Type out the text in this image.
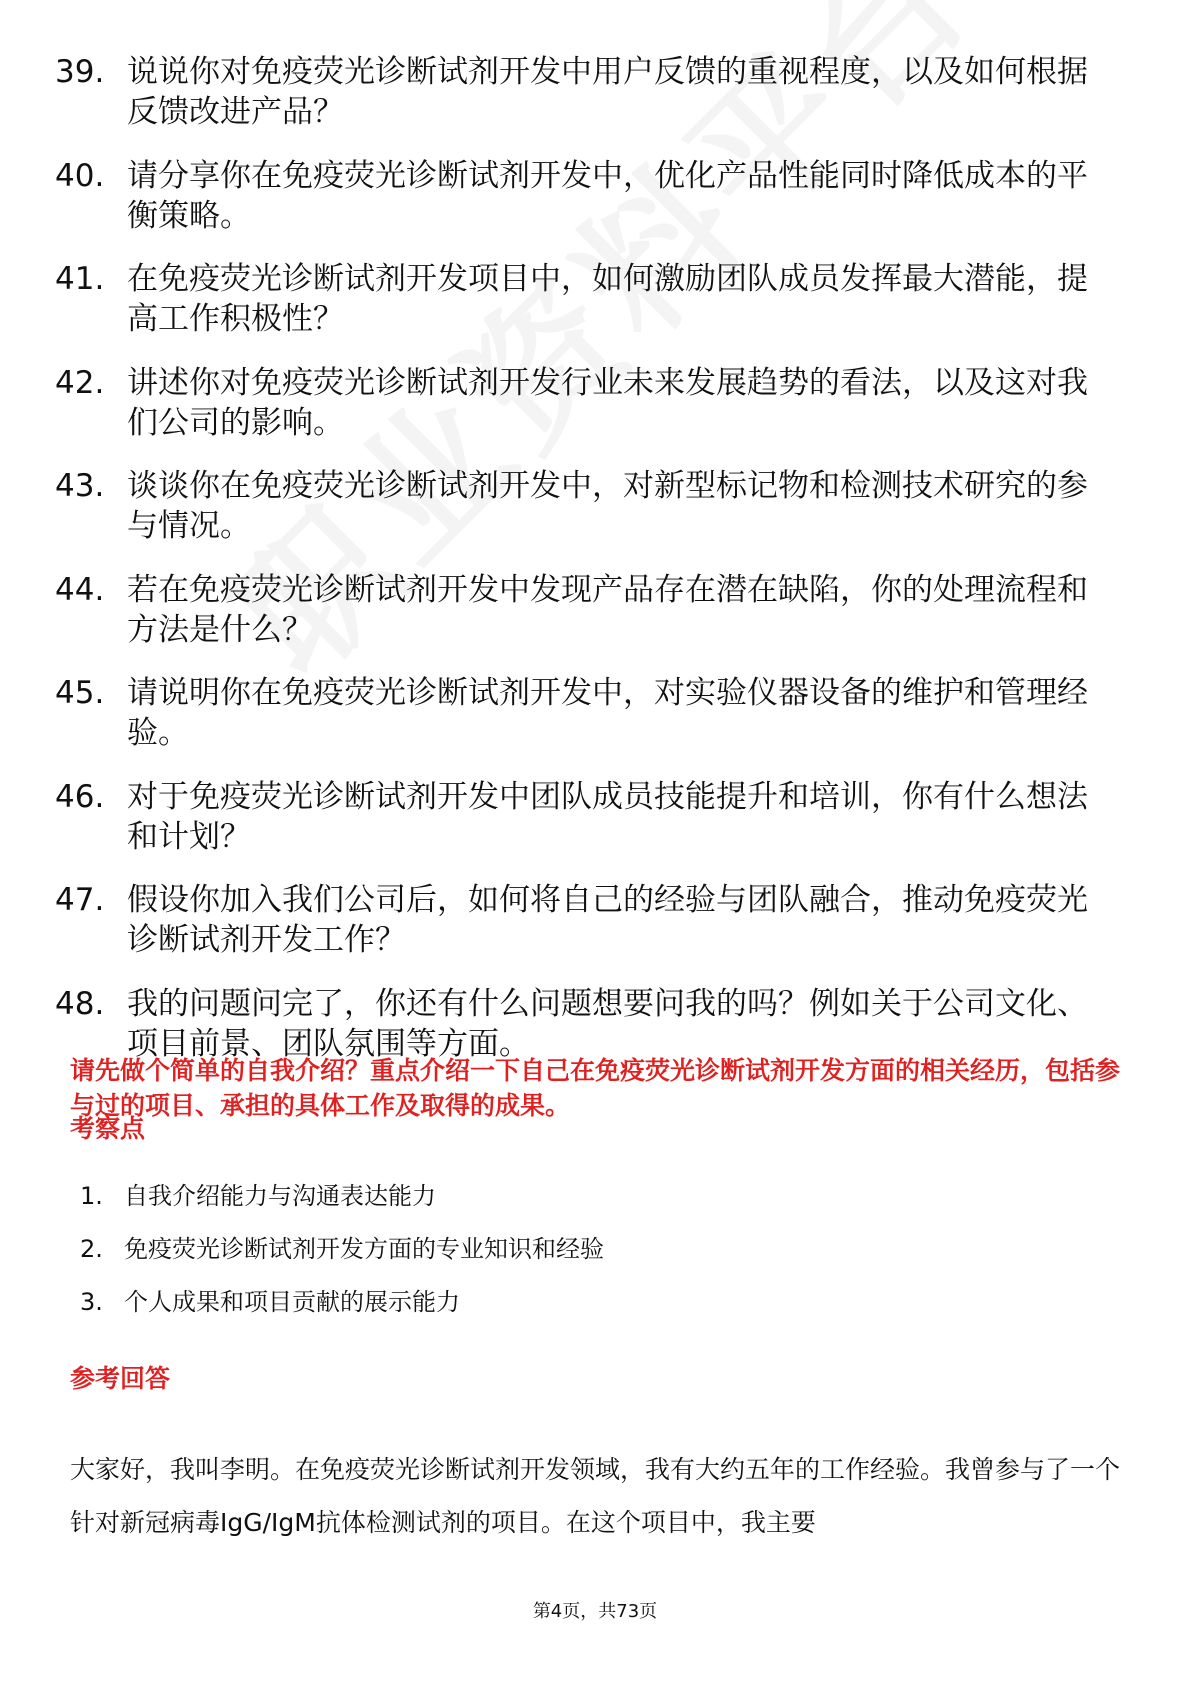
39. 说说你对免疫荧光诊断试剂开发中用户反馈的重视程度，以及如何根据反馈改进产品？
40. 请分享你在免疫荧光诊断试剂开发中，优化产品性能同时降低成本的平衡策略。
41. 在免疫荧光诊断试剂开发项目中，如何激励团队成员发挥最大潜能，提高工作积极性？
42. 讲述你对免疫荧光诊断试剂开发行业未来发展趋势的看法，以及这对我们公司的影响。
43. 谈谈你在免疫荧光诊断试剂开发中，对新型标记物和检测技术研究的参与情况。
44. 若在免疫荧光诊断试剂开发中发现产品存在潜在缺陷，你的处理流程和方法是什么？
45. 请说明你在免疫荧光诊断试剂开发中，对实验仪器设备的维护和管理经验。
46. 对于免疫荧光诊断试剂开发中团队成员技能提升和培训，你有什么想法和计划？
47. 假设你加入我们公司后，如何将自己的经验与团队融合，推动免疫荧光诊断试剂开发工作？
48. 我的问题问完了，你还有什么问题想要问我的吗？例如关于公司文化、项目前景、团队氛围等方面。

请先做个简单的自我介绍？重点介绍一下自己在免疫荧光诊断试剂开发方面的相关经历，包括参与过的项目、承担的具体工作及取得的成果。

考察点
1. 自我介绍能力与沟通表达能力
2. 免疫荧光诊断试剂开发方面的专业知识和经验
3. 个人成果和项目贡献的展示能力
参考回答

大家好，我叫李明。在免疫荧光诊断试剂开发领域，我有大约五年的工作经验。我曾参与了一个针对新冠病毒IgG/IgM抗体检测试剂的项目。在这个项目中，我主要

第4页，共73页
